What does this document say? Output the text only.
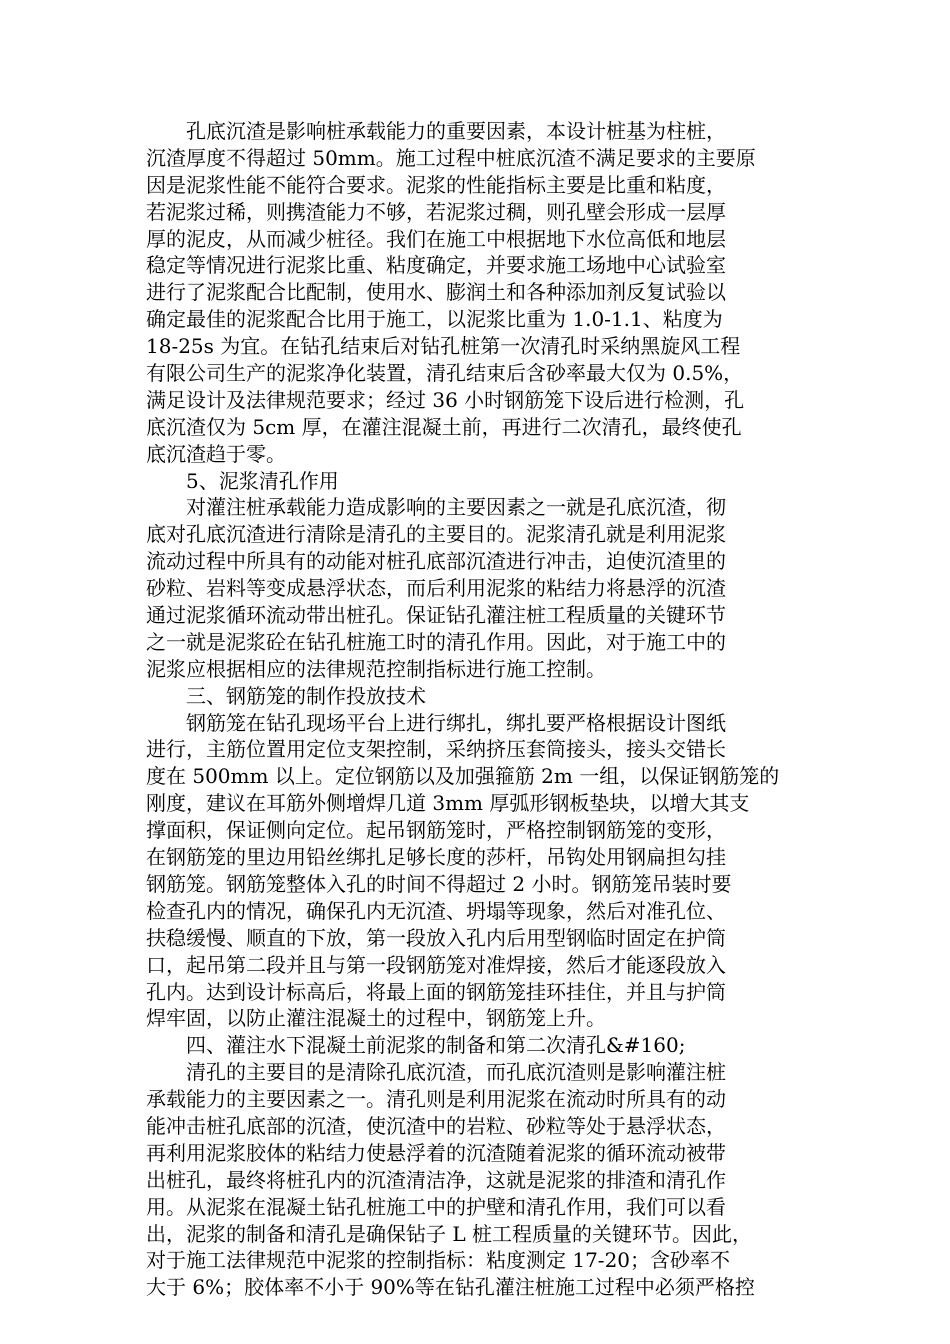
孔底沉渣是影响桩承载能力的重要因素，本设计桩基为柱桩，
沉渣厚度不得超过 50mm。施工过程中桩底沉渣不满足要求的主要原
因是泥浆性能不能符合要求。泥浆的性能指标主要是比重和粘度，
若泥浆过稀，则携渣能力不够，若泥浆过稠，则孔壁会形成一层厚
厚的泥皮，从而减少桩径。我们在施工中根据地下水位高低和地层
稳定等情况进行泥浆比重、粘度确定，并要求施工场地中心试验室
进行了泥浆配合比配制，使用水、膨润土和各种添加剂反复试验以
确定最佳的泥浆配合比用于施工，以泥浆比重为 1.0-1.1、粘度为
18-25s 为宜。在钻孔结束后对钻孔桩第一次清孔时采纳黑旋风工程
有限公司生产的泥浆净化装置，清孔结束后含砂率最大仅为 0.5%，
满足设计及法律规范要求；经过 36 小时钢筋笼下设后进行检测，孔
底沉渣仅为 5cm 厚，在灌注混凝土前，再进行二次清孔，最终使孔
底沉渣趋于零。
5、泥浆清孔作用
对灌注桩承载能力造成影响的主要因素之一就是孔底沉渣，彻
底对孔底沉渣进行清除是清孔的主要目的。泥浆清孔就是利用泥浆
流动过程中所具有的动能对桩孔底部沉渣进行冲击，迫使沉渣里的
砂粒、岩料等变成悬浮状态，而后利用泥浆的粘结力将悬浮的沉渣
通过泥浆循环流动带出桩孔。保证钻孔灌注桩工程质量的关键环节
之一就是泥浆砼在钻孔桩施工时的清孔作用。因此，对于施工中的
泥浆应根据相应的法律规范控制指标进行施工控制。
三、钢筋笼的制作投放技术
钢筋笼在钻孔现场平台上进行绑扎，绑扎要严格根据设计图纸
进行，主筋位置用定位支架控制，采纳挤压套筒接头，接头交错长
度在 500mm 以上。定位钢筋以及加强箍筋 2m 一组，以保证钢筋笼的
刚度，建议在耳筋外侧增焊几道 3mm 厚弧形钢板垫块，以增大其支
撑面积，保证侧向定位。起吊钢筋笼时，严格控制钢筋笼的变形，
在钢筋笼的里边用铅丝绑扎足够长度的莎杆，吊钩处用钢扁担勾挂
钢筋笼。钢筋笼整体入孔的时间不得超过 2 小时。钢筋笼吊装时要
检查孔内的情况，确保孔内无沉渣、坍塌等现象，然后对准孔位、
扶稳缓慢、顺直的下放，第一段放入孔内后用型钢临时固定在护筒
口，起吊第二段并且与第一段钢筋笼对准焊接，然后才能逐段放入
孔内。达到设计标高后，将最上面的钢筋笼挂环挂住，并且与护筒
焊牢固，以防止灌注混凝土的过程中，钢筋笼上升。
四、灌注水下混凝土前泥浆的制备和第二次清孔&#160;
清孔的主要目的是清除孔底沉渣，而孔底沉渣则是影响灌注桩
承载能力的主要因素之一。清孔则是利用泥浆在流动时所具有的动
能冲击桩孔底部的沉渣，使沉渣中的岩粒、砂粒等处于悬浮状态，
再利用泥浆胶体的粘结力使悬浮着的沉渣随着泥浆的循环流动被带
出桩孔，最终将桩孔内的沉渣清洁净，这就是泥浆的排渣和清孔作
用。从泥浆在混凝土钻孔桩施工中的护壁和清孔作用，我们可以看
出，泥浆的制备和清孔是确保钻子 L 桩工程质量的关键环节。因此，
对于施工法律规范中泥浆的控制指标：粘度测定 17-20；含砂率不
大于 6%；胶体率不小于 90%等在钻孔灌注桩施工过程中必须严格控
